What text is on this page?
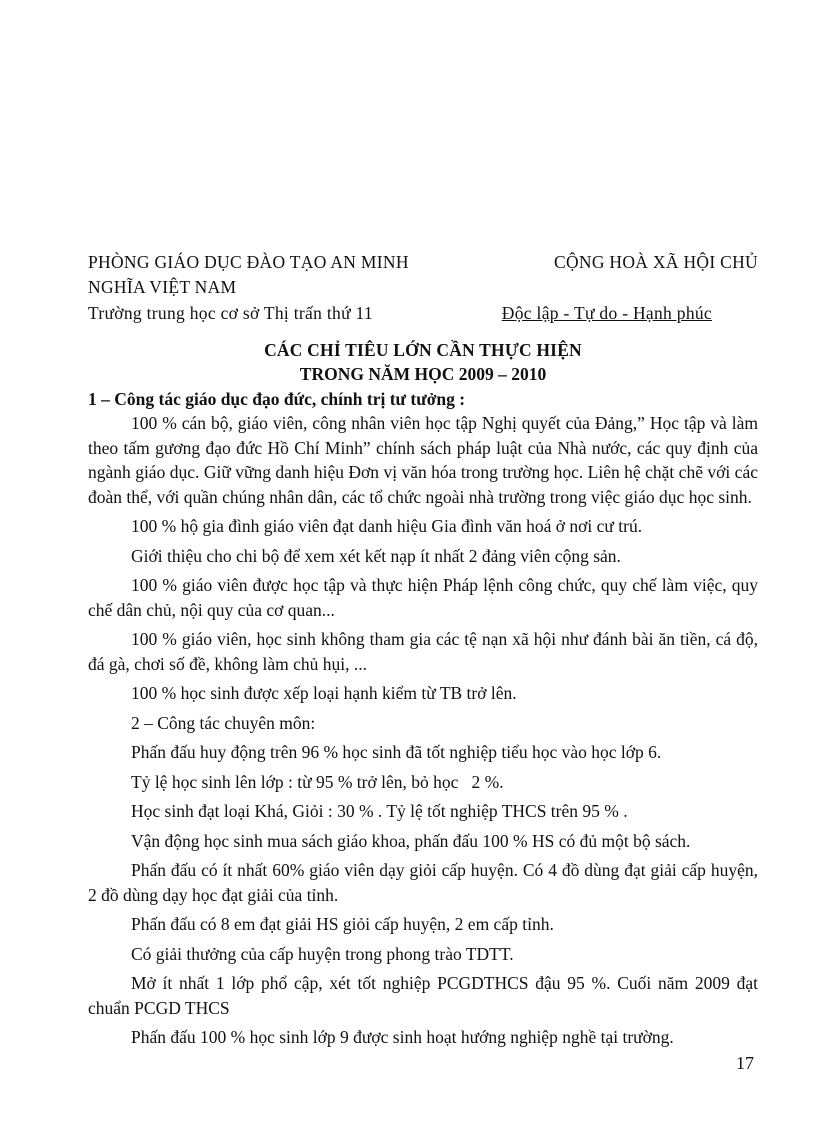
PHÒNG GIÁO DỤC ĐÀO TẠO AN MINH	CỘNG HOÀ XÃ HỘI CHỦ
NGHĨA VIỆT NAM
Trường trung học cơ sở Thị trấn thứ 11	Độc lập - Tự do - Hạnh phúc
CÁC CHỈ TIÊU LỚN CẦN THỰC HIỆN
TRONG NĂM HỌC 2009 – 2010
1 – Công tác giáo dục đạo đức, chính trị tư tưởng :

100 % cán bộ, giáo viên, công nhân viên học tập Nghị quyết của Đảng,” Học tập và làm theo tấm gương đạo đức Hồ Chí Minh” chính sách pháp luật của Nhà nước, các quy định của ngành giáo dục. Giữ vững danh hiệu Đơn vị văn hóa trong trường học. Liên hệ chặt chẽ với các đoàn thể, với quần chúng nhân dân, các tổ chức ngoài nhà trường trong việc giáo dục học sinh.

100 % hộ gia đình giáo viên đạt danh hiệu Gia đình văn hoá ở nơi cư trú.

Giới thiệu cho chi bộ để xem xét kết nạp ít nhất 2 đảng viên cộng sản.

100 % giáo viên được học tập và thực hiện Pháp lệnh công chức, quy chế làm việc, quy chế dân chủ, nội quy của cơ quan...

100 % giáo viên, học sinh không tham gia các tệ nạn xã hội như đánh bài ăn tiền, cá độ, đá gà, chơi số đề, không làm chủ hụi, ...

100 % học sinh được xếp loại hạnh kiểm từ TB trở lên.

2 – Công tác chuyên môn:

Phấn đấu huy động trên 96 % học sinh đã tốt nghiệp tiểu học vào học lớp 6.

Tỷ lệ học sinh lên lớp : từ 95 % trở lên, bỏ học   2 %.

Học sinh đạt loại Khá, Giỏi : 30 % . Tỷ lệ tốt nghiệp THCS trên 95 % .

Vận động học sinh mua sách giáo khoa, phấn đấu 100 % HS có đủ một bộ sách.

Phấn đấu có ít nhất 60% giáo viên dạy giỏi cấp huyện. Có 4 đồ dùng đạt giải cấp huyện, 2 đồ dùng dạy học đạt giải của tỉnh.

Phấn đấu có 8 em đạt giải HS giỏi cấp huyện, 2 em cấp tỉnh.

Có giải thưởng của cấp huyện trong phong trào TDTT.

Mở ít nhất 1 lớp phổ cập, xét tốt nghiệp PCGDTHCS đậu 95 %. Cuối năm 2009 đạt chuẩn PCGD THCS

Phấn đấu 100 % học sinh lớp 9 được sinh hoạt hướng nghiệp nghề tại trường.

17
